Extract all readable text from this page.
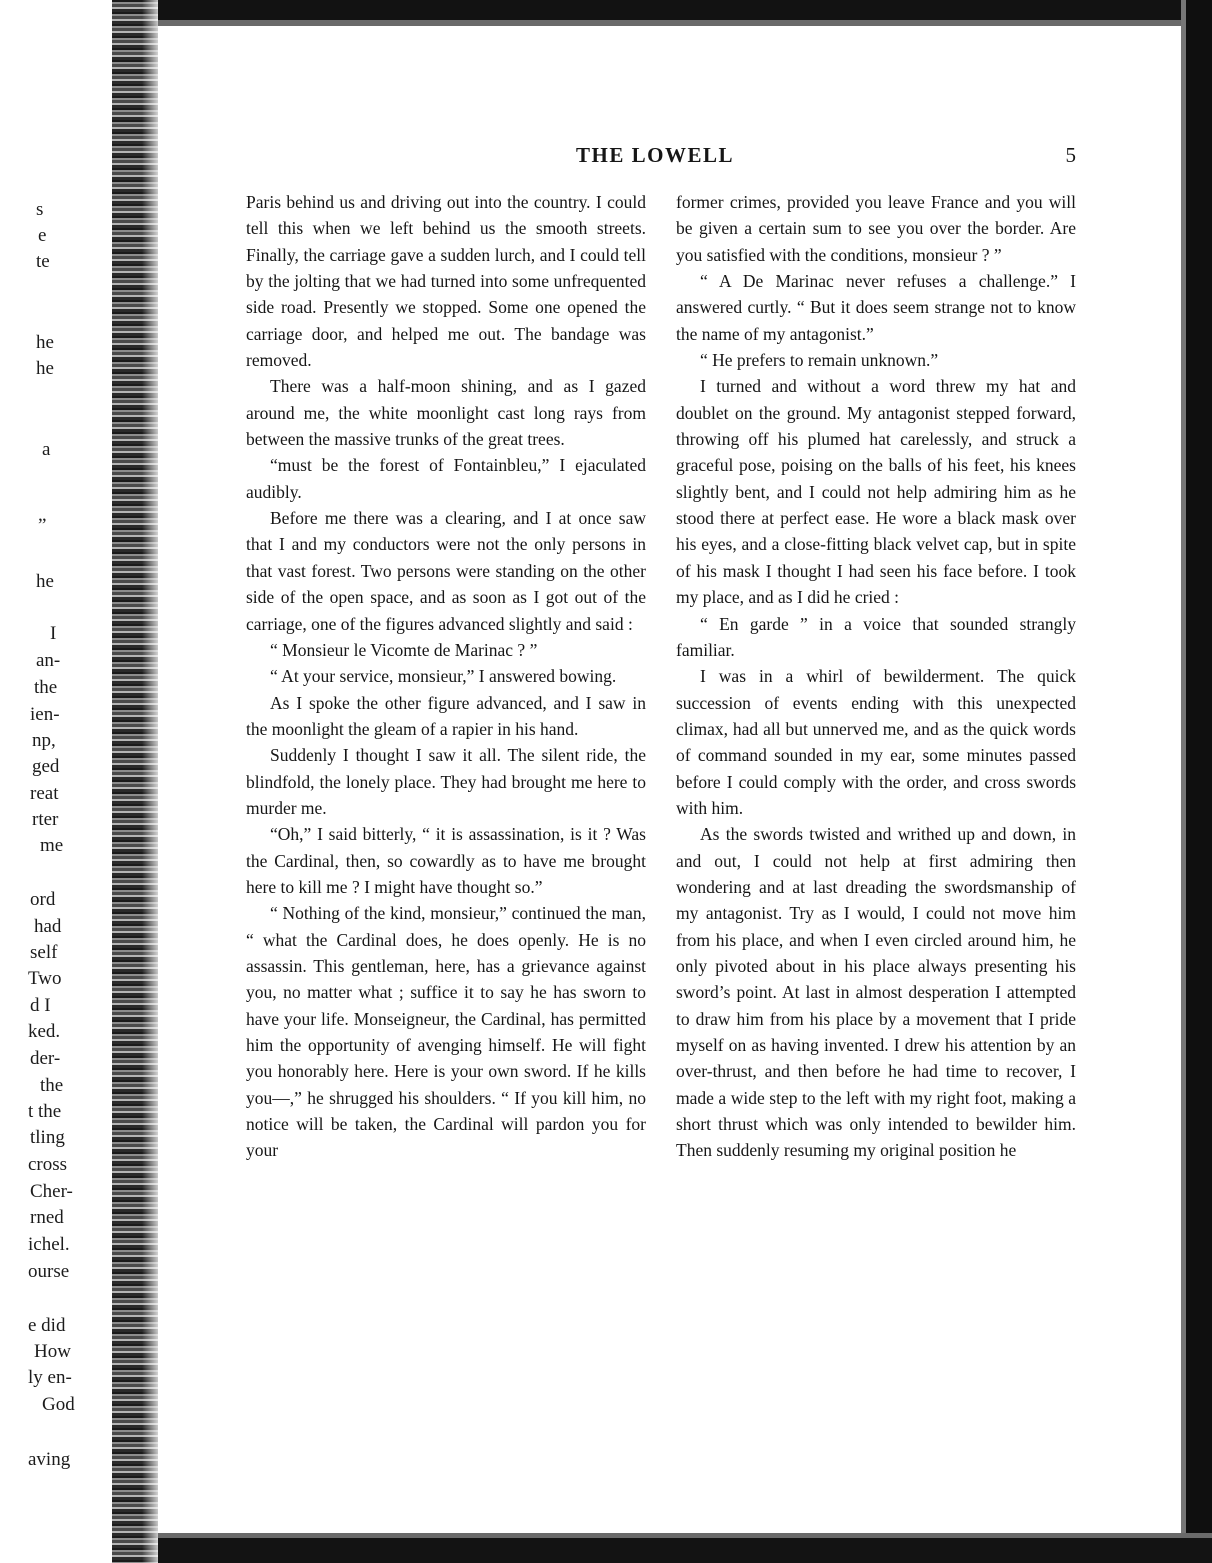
s
e
te
he
he
a
”
he
I
an-
the
ien-
np,
ged
reat
rter
me
ord
had
self
Two
d I
ked.
der-
the
t the
tling
cross
Cher-
rned
ichel.
ourse
e did
How
ly en-
God
aving
THE LOWELL	5

Paris behind us and driving out into the country. I could tell this when we left behind us the smooth streets. Finally, the carriage gave a sudden lurch, and I could tell by the jolting that we had turned into some unfrequented side road. Presently we stopped. Some one opened the carriage door, and helped me out. The bandage was removed.

There was a half-moon shining, and as I gazed around me, the white moonlight cast long rays from between the massive trunks of the great trees.

“must be the forest of Fontainbleu,” I ejaculated audibly.

Before me there was a clearing, and I at once saw that I and my conductors were not the only persons in that vast forest. Two persons were standing on the other side of the open space, and as soon as I got out of the carriage, one of the figures advanced slightly and said :

“ Monsieur le Vicomte de Marinac ? ”

“ At your service, monsieur,” I answered bowing.

As I spoke the other figure advanced, and I saw in the moonlight the gleam of a rapier in his hand.

Suddenly I thought I saw it all. The silent ride, the blindfold, the lonely place. They had brought me here to murder me.

“Oh,” I said bitterly, “ it is assassination, is it ? Was the Cardinal, then, so cowardly as to have me brought here to kill me ? I might have thought so.”

“ Nothing of the kind, monsieur,” continued the man, “ what the Cardinal does, he does openly. He is no assassin. This gentleman, here, has a grievance against you, no matter what ; suffice it to say he has sworn to have your life. Monseigneur, the Cardinal, has permitted him the opportunity of avenging himself. He will fight you honorably here. Here is your own sword. If he kills you—,” he shrugged his shoulders. “ If you kill him, no notice will be taken, the Cardinal will pardon you for your

former crimes, provided you leave France and you will be given a certain sum to see you over the border. Are you satisfied with the conditions, monsieur ? ”

“ A De Marinac never refuses a challenge.” I answered curtly. “ But it does seem strange not to know the name of my antagonist.”

“ He prefers to remain unknown.”

I turned and without a word threw my hat and doublet on the ground. My antagonist stepped forward, throwing off his plumed hat carelessly, and struck a graceful pose, poising on the balls of his feet, his knees slightly bent, and I could not help admiring him as he stood there at perfect ease. He wore a black mask over his eyes, and a close-fitting black velvet cap, but in spite of his mask I thought I had seen his face before. I took my place, and as I did he cried :

“ En garde ” in a voice that sounded strangly familiar.

I was in a whirl of bewilderment. The quick succession of events ending with this unexpected climax, had all but unnerved me, and as the quick words of command sounded in my ear, some minutes passed before I could comply with the order, and cross swords with him.

As the swords twisted and writhed up and down, in and out, I could not help at first admiring then wondering and at last dreading the swordsmanship of my antagonist. Try as I would, I could not move him from his place, and when I even circled around him, he only pivoted about in his place always presenting his sword’s point. At last in almost desperation I attempted to draw him from his place by a movement that I pride myself on as having invented. I drew his attention by an over-thrust, and then before he had time to recover, I made a wide step to the left with my right foot, making a short thrust which was only intended to bewilder him. Then suddenly resuming my original position he
